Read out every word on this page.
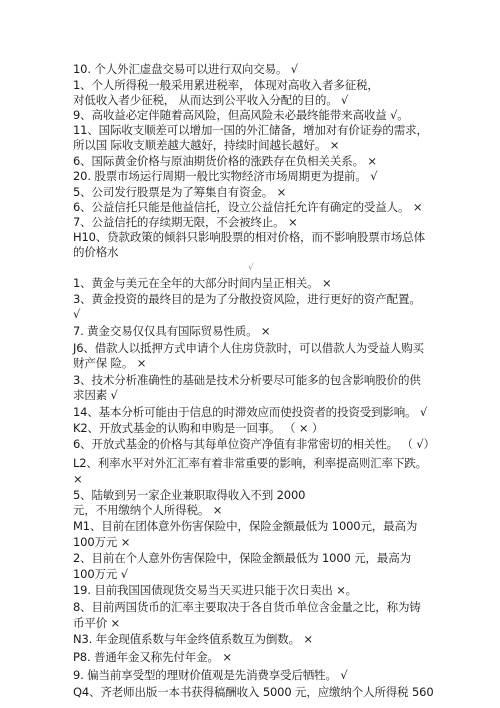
10. 个人外汇虚盘交易可以进行双向交易。 √
1、个人所得税一般采用累进税率， 体现对高收入者多征税，
对低收入者少征税， 从而达到公平收入分配的目的。 √
9、高收益必定伴随着高风险，但高风险未必最终能带来高收益 √。
11、国际收支顺差可以增加一国的外汇储备，增加对有价证券的需求，
所以国 际收支顺差越大越好，持续时间越长越好。 ×
6、国际黄金价格与原油期货价格的涨跌存在负相关关系。 ×
20. 股票市场运行周期一般比实物经济市场周期更为提前。 √
5、公司发行股票是为了筹集自有资金。 ×
6、公益信托只能是他益信托，设立公益信托允许有确定的受益人。 ×
7、公益信托的存续期无限，不会被终止。 ×
H10、贷款政策的倾斜只影响股票的相对价格，而不影响股票市场总体
的价格水
√
1、黄金与美元在全年的大部分时间内呈正相关。 ×
3、黄金投资的最终目的是为了分散投资风险，进行更好的资产配置。
√
7. 黄金交易仅仅具有国际贸易性质。 ×
J6、借款人以抵押方式申请个人住房贷款时，可以借款人为受益人购买
财产保 险。 ×
3、技术分析准确性的基础是技术分析要尽可能多的包含影响股价的供
求因素 √
14、基本分析可能由于信息的时滞效应而使投资者的投资受到影响。 √
K2、开放式基金的认购和申购是一回事。 （ × ）
6、开放式基金的价格与其每单位资产净值有非常密切的相关性。 （ √）
L2、利率水平对外汇汇率有着非常重要的影响，利率提高则汇率下跌。
×
5、陆敏到另一家企业兼职取得收入不到 2000
元，不用缴纳个人所得税。 ×
M1、目前在团体意外伤害保险中，保险金额最低为 1000元，最高为
100万元 ×
2、目前在个人意外伤害保险中，保险金额最低为 1000 元，最高为
100万元 √
19. 目前我国国债现货交易当天买进只能于次日卖出 ×。
8、目前两国货币的汇率主要取决于各自货币单位含金量之比，称为铸
币平价 ×
N3. 年金现值系数与年金终值系数互为倒数。 ×
P8. 普通年金又称先付年金。 ×
9. 偏当前享受型的理财价值观是先消费享受后牺牲。 √
Q4、齐老师出版一本书获得稿酬收入 5000 元，应缴纳个人所得税 560
